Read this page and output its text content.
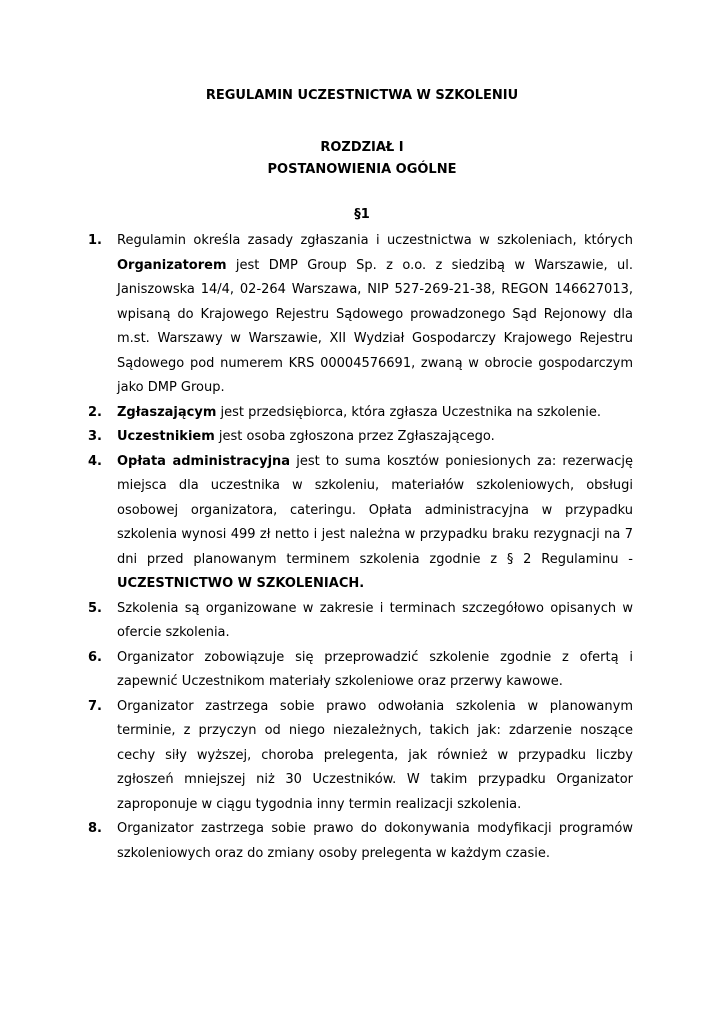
REGULAMIN UCZESTNICTWA W SZKOLENIU
ROZDZIAŁ I
POSTANOWIENIA OGÓLNE
§1
1. Regulamin określa zasady zgłaszania i uczestnictwa w szkoleniach, których Organizatorem jest DMP Group Sp. z o.o. z siedzibą w Warszawie, ul. Janiszowska 14/4, 02-264 Warszawa, NIP 527-269-21-38, REGON 146627013, wpisaną do Krajowego Rejestru Sądowego prowadzonego Sąd Rejonowy dla m.st. Warszawy w Warszawie, XII Wydział Gospodarczy Krajowego Rejestru Sądowego pod numerem KRS 00004576691, zwaną w obrocie gospodarczym jako DMP Group.
2. Zgłaszającym jest przedsiębiorca, która zgłasza Uczestnika na szkolenie.
3. Uczestnikiem jest osoba zgłoszona przez Zgłaszającego.
4. Opłata administracyjna jest to suma kosztów poniesionych za: rezerwację miejsca dla uczestnika w szkoleniu, materiałów szkoleniowych, obsługi osobowej organizatora, cateringu. Opłata administracyjna w przypadku szkolenia wynosi 499 zł netto i jest należna w przypadku braku rezygnacji na 7 dni przed planowanym terminem szkolenia zgodnie z § 2 Regulaminu - UCZESTNICTWO W SZKOLENIACH.
5. Szkolenia są organizowane w zakresie i terminach szczegółowo opisanych w ofercie szkolenia.
6. Organizator zobowiązuje się przeprowadzić szkolenie zgodnie z ofertą i zapewnić Uczestnikom materiały szkoleniowe oraz przerwy kawowe.
7. Organizator zastrzega sobie prawo odwołania szkolenia w planowanym terminie, z przyczyn od niego niezależnych, takich jak: zdarzenie noszące cechy siły wyższej, choroba prelegenta, jak również w przypadku liczby zgłoszeń mniejszej niż 30 Uczestników. W takim przypadku Organizator zaproponuje w ciągu tygodnia inny termin realizacji szkolenia.
8. Organizator zastrzega sobie prawo do dokonywania modyfikacji programów szkoleniowych oraz do zmiany osoby prelegenta w każdym czasie.
